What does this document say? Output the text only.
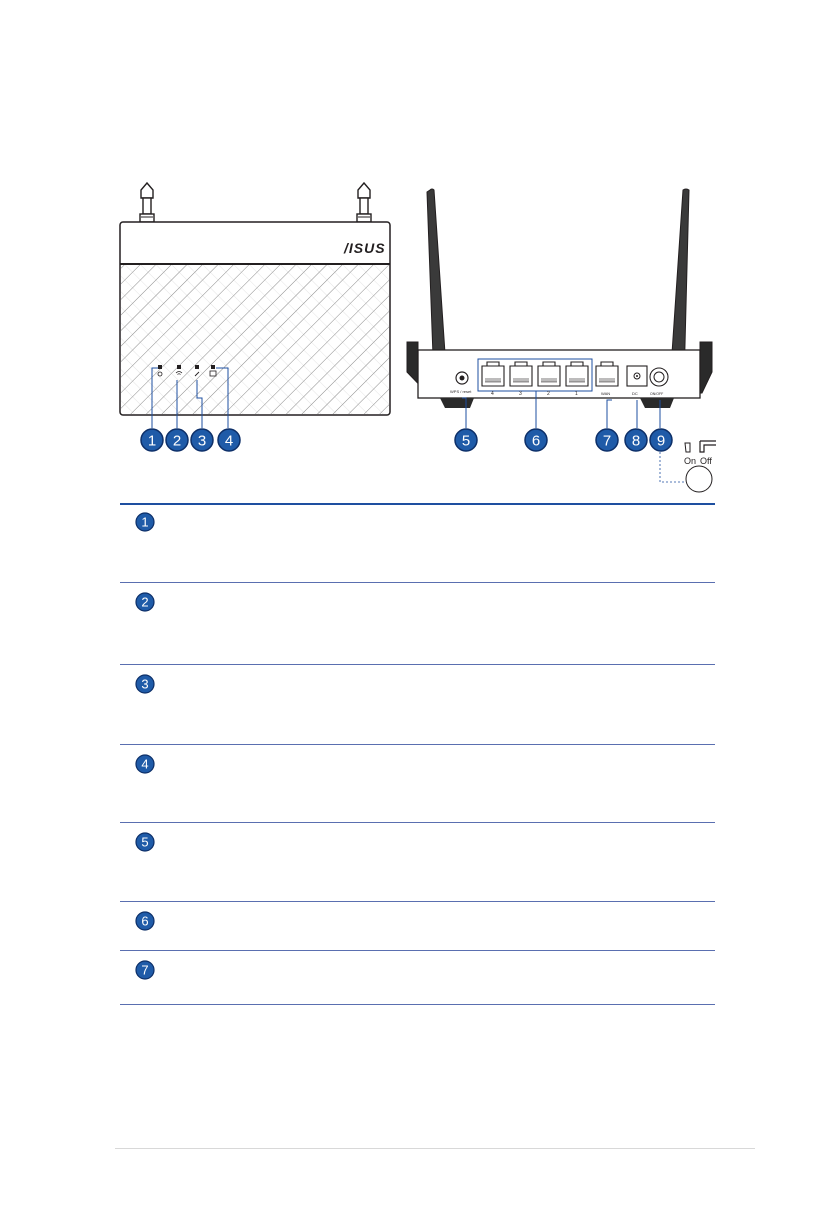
/ISUS
WPS / reset	4	3	2	1	WAN	DC	ON/OFF
On Off
1 2 3 4	5	6	7 8 9
1
2
3
4
5
6
7
